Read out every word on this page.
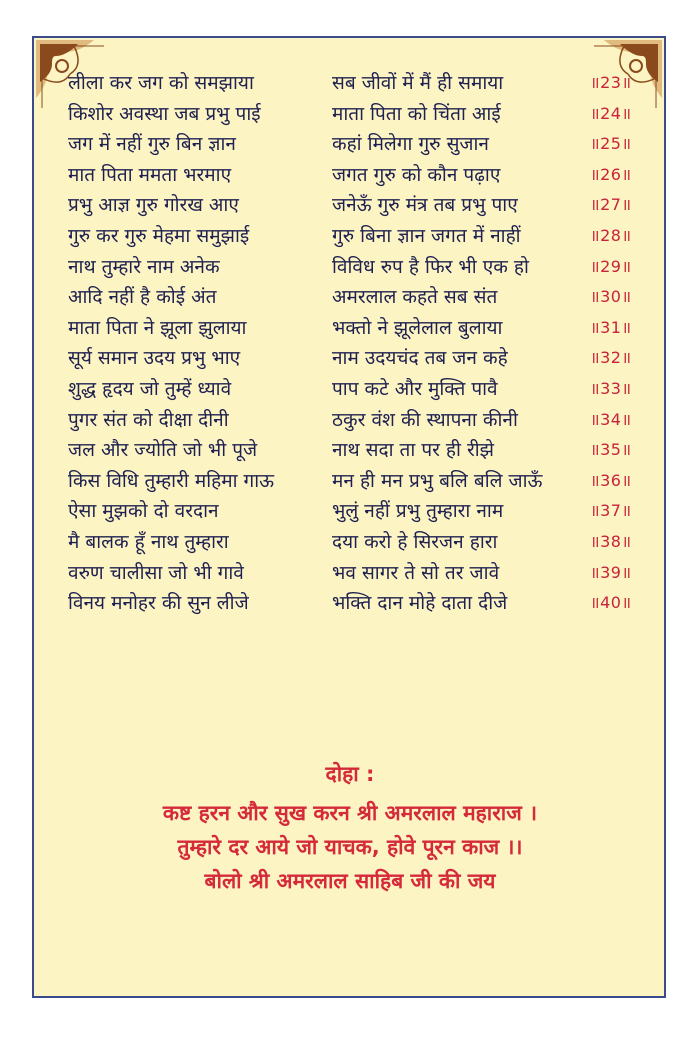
लीला कर जग को समझाया	सब जीवों में मैं ही समाया	॥23॥
किशोर अवस्था जब प्रभु पाई	माता पिता को चिंता आई	॥24॥
जग में नहीं गुरु बिन ज्ञान	कहां मिलेगा गुरु सुजान	॥25॥
मात पिता ममता भरमाए	जगत गुरु को कौन पढ़ाए	॥26॥
प्रभु आज्ञ गुरु गोरख आए	जनेऊँ गुरु मंत्र तब प्रभु पाए	॥27॥
गुरु कर गुरु मेहमा समुझाई	गुरु बिना ज्ञान जगत में नाहीं	॥28॥
नाथ तुम्हारे नाम अनेक	विविध रुप है फिर भी एक हो	॥29॥
आदि नहीं है कोई अंत	अमरलाल कहते सब संत	॥30॥
माता पिता ने झूला झुलाया	भक्तो ने झूलेलाल बुलाया	॥31॥
सूर्य समान उदय प्रभु भाए	नाम उदयचंद तब जन कहे	॥32॥
शुद्ध हृदय जो तुम्हें ध्यावे	पाप कटे और मुक्ति पावै	॥33॥
पुगर संत को दीक्षा दीनी	ठकुर वंश की स्थापना कीनी	॥34॥
जल और ज्योति जो भी पूजे	नाथ सदा ता पर ही रीझे	॥35॥
किस विधि तुम्हारी महिमा गाऊ	मन ही मन प्रभु बलि बलि जाऊँ	॥36॥
ऐसा मुझको दो वरदान	भुलुं नहीं प्रभु तुम्हारा नाम	॥37॥
मै बालक हूँ नाथ तुम्हारा	दया करो हे सिरजन हारा	॥38॥
वरुण चालीसा जो भी गावे	भव सागर ते सो तर जावे	॥39॥
विनय मनोहर की सुन लीजे	भक्ति दान मोहे दाता दीजे	॥40॥
दोहा :
कष्ट हरन और सुख करन श्री अमरलाल महाराज ।
तुम्हारे दर आये जो याचक, होवे पूरन काज ।।
बोलो श्री अमरलाल साहिब जी की जय
